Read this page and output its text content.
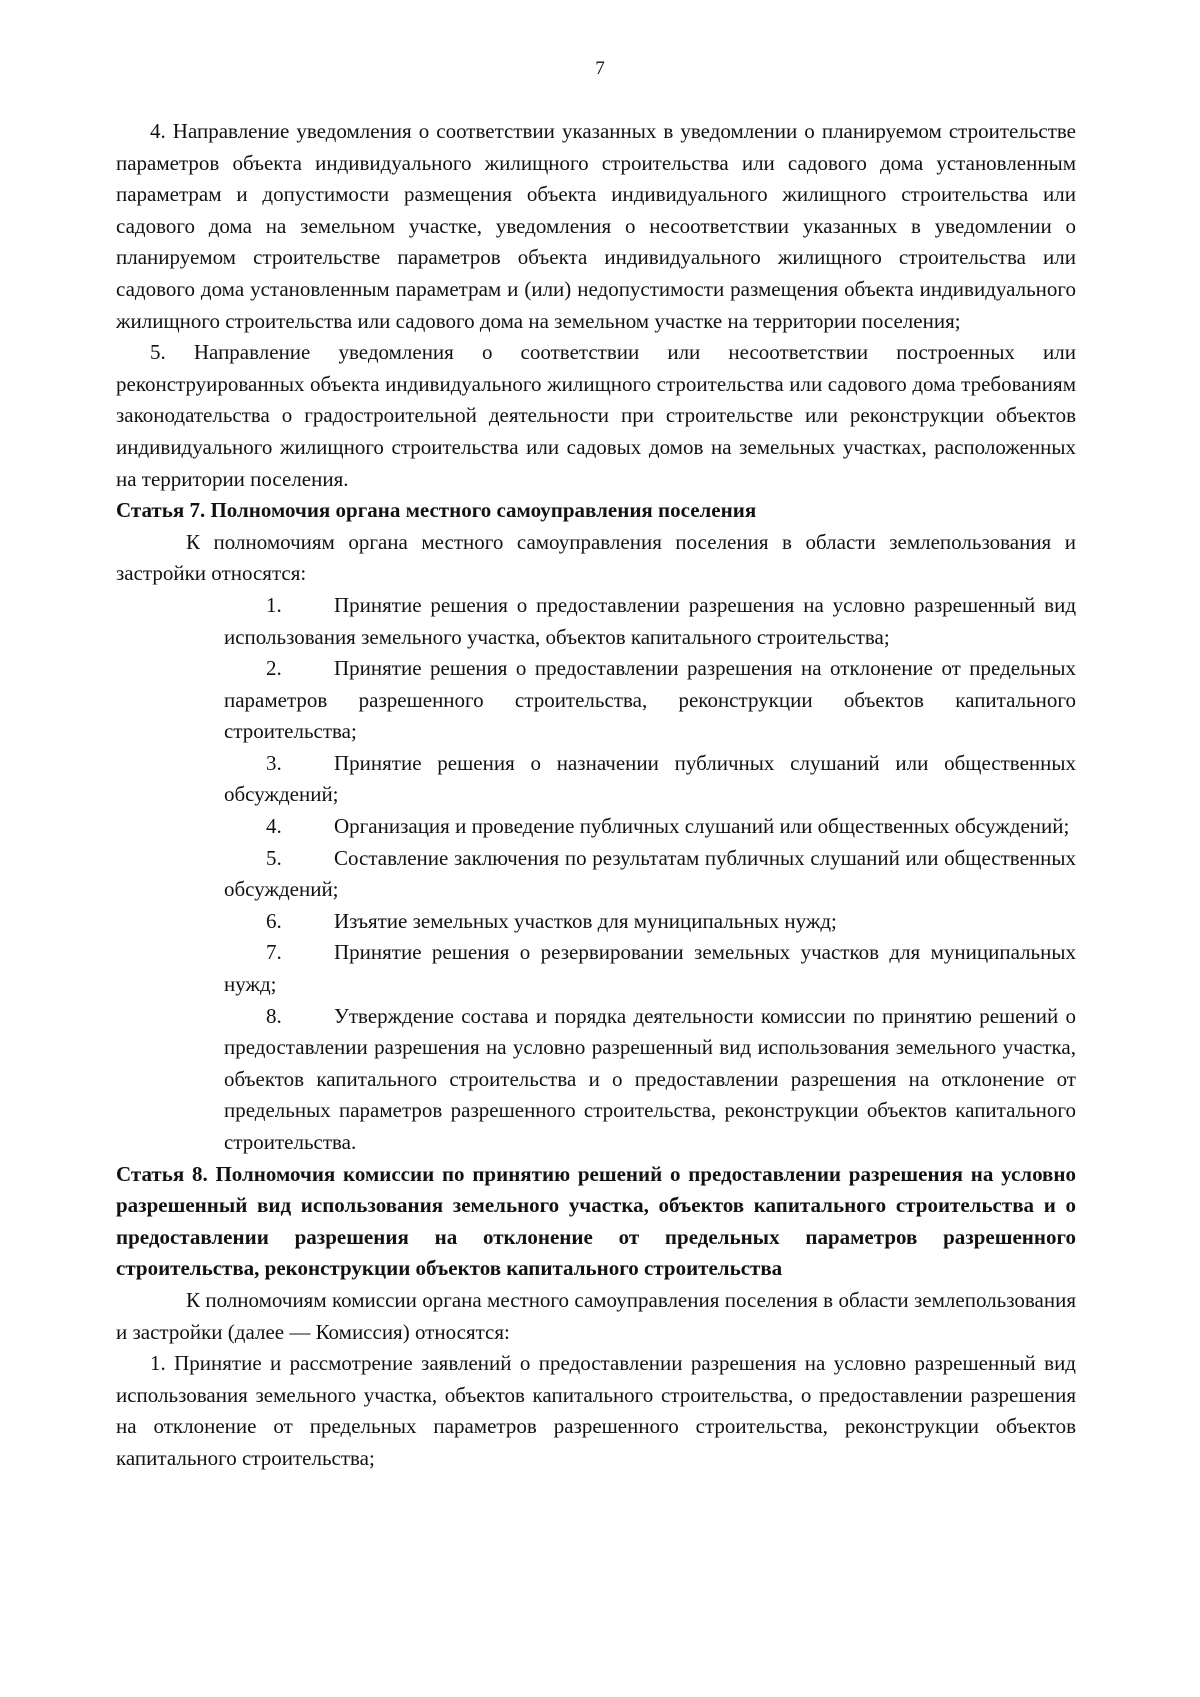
7

4. Направление уведомления о соответствии указанных в уведомлении о планируемом строительстве параметров объекта индивидуального жилищного строительства или садового дома установленным параметрам и допустимости размещения объекта индивидуального жилищного строительства или садового дома на земельном участке, уведомления о несоответствии указанных в уведомлении о планируемом строительстве параметров объекта индивидуального жилищного строительства или садового дома установленным параметрам и (или) недопустимости размещения объекта индивидуального жилищного строительства или садового дома на земельном участке на территории поселения;

5. Направление уведомления о соответствии или несоответствии построенных или реконструированных объекта индивидуального жилищного строительства или садового дома требованиям законодательства о градостроительной деятельности при строительстве или реконструкции объектов индивидуального жилищного строительства или садовых домов на земельных участках, расположенных на территории поселения.

Статья 7. Полномочия органа местного самоуправления поселения

К полномочиям органа местного самоуправления поселения в области землепользования и застройки относятся:

1. Принятие решения о предоставлении разрешения на условно разрешенный вид использования земельного участка, объектов капитального строительства;

2. Принятие решения о предоставлении разрешения на отклонение от предельных параметров разрешенного строительства, реконструкции объектов капитального строительства;

3. Принятие решения о назначении публичных слушаний или общественных обсуждений;

4. Организация и проведение публичных слушаний или общественных обсуждений;

5. Составление заключения по результатам публичных слушаний или общественных обсуждений;

6. Изъятие земельных участков для муниципальных нужд;

7. Принятие решения о резервировании земельных участков для муниципальных нужд;

8. Утверждение состава и порядка деятельности комиссии по принятию решений о предоставлении разрешения на условно разрешенный вид использования земельного участка, объектов капитального строительства и о предоставлении разрешения на отклонение от предельных параметров разрешенного строительства, реконструкции объектов капитального строительства.

Статья 8. Полномочия комиссии по принятию решений о предоставлении разрешения на условно разрешенный вид использования земельного участка, объектов капитального строительства и о предоставлении разрешения на отклонение от предельных параметров разрешенного строительства, реконструкции объектов капитального строительства

К полномочиям комиссии органа местного самоуправления поселения в области землепользования и застройки (далее — Комиссия) относятся:

1. Принятие и рассмотрение заявлений о предоставлении разрешения на условно разрешенный вид использования земельного участка, объектов капитального строительства, о предоставлении разрешения на отклонение от предельных параметров разрешенного строительства, реконструкции объектов капитального строительства;
